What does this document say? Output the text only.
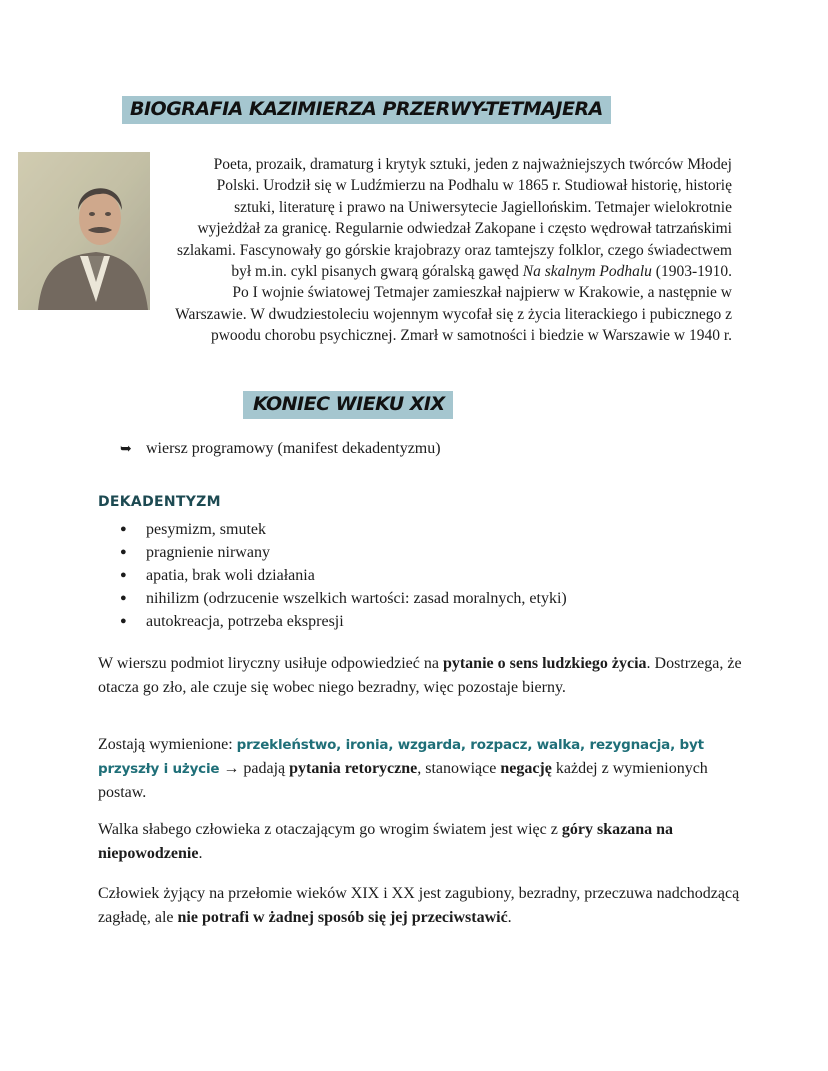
BIOGRAFIA KAZIMIERZA PRZERWY-TETMAJERA
Poeta, prozaik, dramaturg i krytyk sztuki, jeden z najważniejszych twórców Młodej
Polski. Urodził się w Ludźmierzu na Podhalu w 1865 r. Studiował historię, historię
sztuki, literaturę i prawo na Uniwersytecie Jagiellońskim. Tetmajer wielokrotnie
wyjeżdżał za granicę. Regularnie odwiedzał Zakopane i często wędrował tatrzańskimi
szlakami. Fascynowały go górskie krajobrazy oraz tamtejszy folklor, czego świadectwem
był m.in. cykl pisanych gwarą góralską gawęd Na skalnym Podhalu (1903-1910.
Po I wojnie światowej Tetmajer zamieszkał najpierw w Krakowie, a następnie w
Warszawie. W dwudziestoleciu wojennym wycofał się z życia literackiego i pubicznego z
pwoodu chorobu psychicznej. Zmarł w samotności i biedzie w Warszawie w 1940 r.
KONIEC WIEKU XIX
➥ wiersz programowy (manifest dekadentyzmu)
DEKADENTYZM
● pesymizm, smutek
● pragnienie nirwany
● apatia, brak woli działania
● nihilizm (odrzucenie wszelkich wartości: zasad moralnych, etyki)
● autokreacja, potrzeba ekspresji

W wierszu podmiot liryczny usiłuje odpowiedzieć na pytanie o sens ludzkiego życia. Dostrzega, że otacza go zło, ale czuje się wobec niego bezradny, więc pozostaje bierny.

Zostają wymienione: przekleństwo, ironia, wzgarda, rozpacz, walka, rezygnacja, byt przyszły i użycie → padają pytania retoryczne, stanowiące negację każdej z wymienionych postaw.

Walka słabego człowieka z otaczającym go wrogim światem jest więc z góry skazana na niepowodzenie.

Człowiek żyjący na przełomie wieków XIX i XX jest zagubiony, bezradny, przeczuwa nadchodzącą zagładę, ale nie potrafi w żadnej sposób się jej przeciwstawić.
